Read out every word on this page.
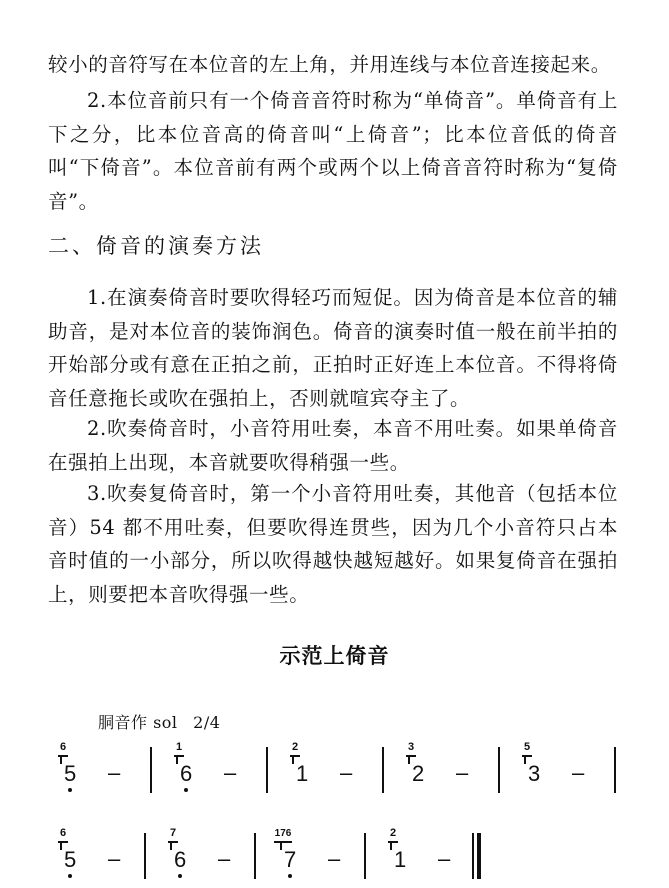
较小的音符写在本位音的左上角，并用连线与本位音连接起来。

2.本位音前只有一个倚音音符时称为“单倚音”。单倚音有上下之分，比本位音高的倚音叫“上倚音”；比本位音低的倚音叫“下倚音”。本位音前有两个或两个以上倚音音符时称为“复倚音”。

二、倚音的演奏方法

1.在演奏倚音时要吹得轻巧而短促。因为倚音是本位音的辅助音，是对本位音的装饰润色。倚音的演奏时值一般在前半拍的开始部分或有意在正拍之前，正拍时正好连上本位音。不得将倚音任意拖长或吹在强拍上，否则就喧宾夺主了。

2.吹奏倚音时，小音符用吐奏，本音不用吐奏。如果单倚音在强拍上出现，本音就要吹得稍强一些。

3.吹奏复倚音时，第一个小音符用吐奏，其他音（包括本位音）54 都不用吐奏，但要吹得连贯些，因为几个小音符只占本音时值的一小部分，所以吹得越快越短越好。如果复倚音在强拍上，则要把本音吹得强一些。

示范上倚音
胴音作 sol 2/4
6
5 –
1
6 –
2
1 –
3
2 –
5
3 –
6
5 –
7
6 –
176
7 –
2
1 –
